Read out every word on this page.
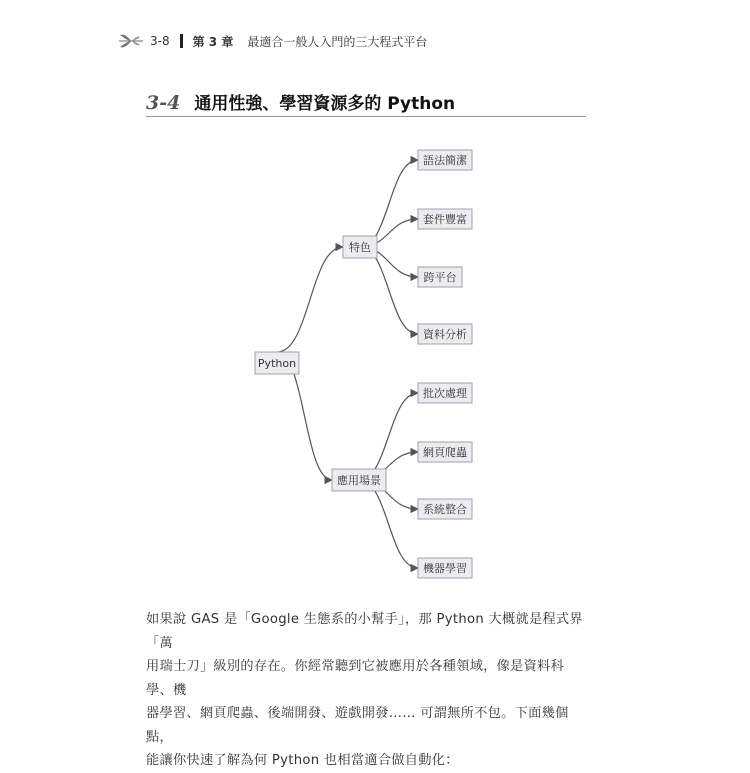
3-8 第 3 章 最適合一般人入門的三大程式平台
3-4 通用性強、學習資源多的 Python
Python
特色
語法簡潔
套件豐富
跨平台
資料分析
應用場景
批次處理
網頁爬蟲
系統整合
機器學習

如果說 GAS 是「Google 生態系的小幫手」，那 Python 大概就是程式界「萬

用瑞士刀」級別的存在。你經常聽到它被應用於各種領域，像是資料科學、機

器學習、網頁爬蟲、後端開發、遊戲開發…… 可謂無所不包。下面幾個點，

能讓你快速了解為何 Python 也相當適合做自動化：
